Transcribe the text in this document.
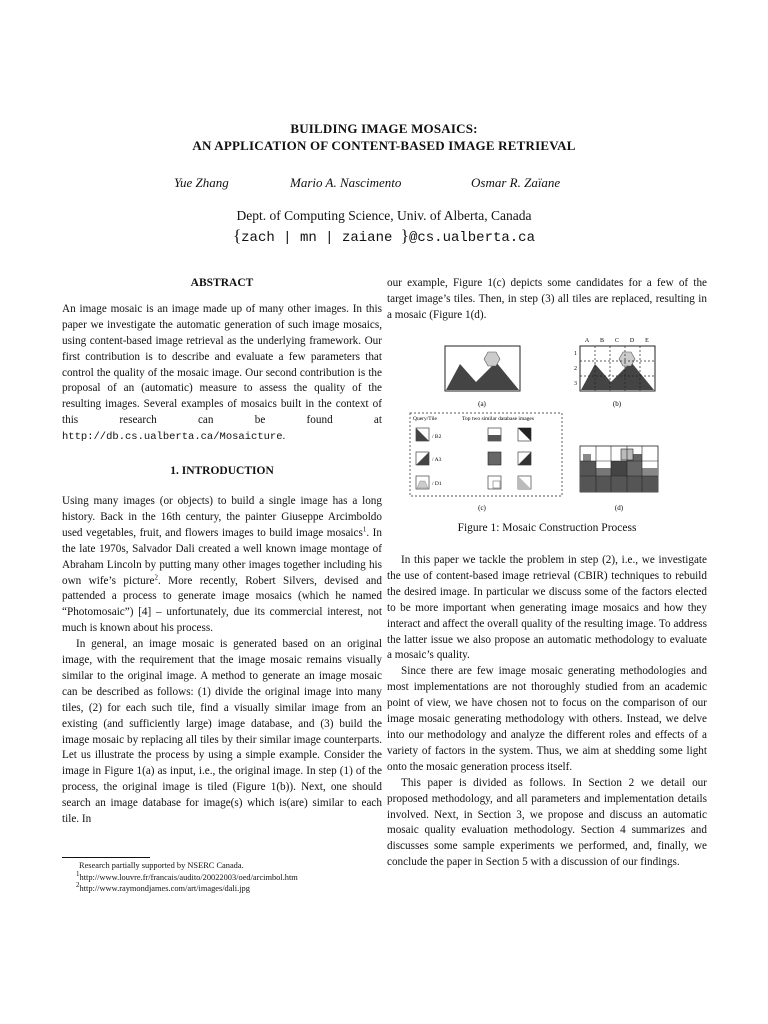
BUILDING IMAGE MOSAICS:
AN APPLICATION OF CONTENT-BASED IMAGE RETRIEVAL
Yue Zhang	Mario A. Nascimento	Osmar R. Zaïane
Dept. of Computing Science, Univ. of Alberta, Canada
{zach | mn | zaiane }@cs.ualberta.ca
ABSTRACT

An image mosaic is an image made up of many other images. In this paper we investigate the automatic generation of such image mosaics, using content-based image retrieval as the underlying framework. Our first contribution is to describe and evaluate a few parameters that control the quality of the mosaic image. Our second contribution is the proposal of an (automatic) measure to assess the quality of the resulting images. Several examples of mosaics built in the context of this research can be found at http://db.cs.ualberta.ca/Mosaicture.

1. INTRODUCTION

Using many images (or objects) to build a single image has a long history. Back in the 16th century, the painter Giuseppe Arcimboldo used vegetables, fruit, and flowers images to build image mosaics$^1$. In the late 1970s, Salvador Dali created a well known image montage of Abraham Lincoln by putting many other images together including his own wife’s picture$^2$. More recently, Robert Silvers, devised and pattended a process to generate image mosaics (which he named “Photomosaic”) [4] – unfortunately, due its commercial interest, not much is known about his process.

In general, an image mosaic is generated based on an original image, with the requirement that the image mosaic remains visually similar to the original image. A method to generate an image mosaic can be described as follows: (1) divide the original image into many tiles, (2) for each such tile, find a visually similar image from an existing (and sufficiently large) image database, and (3) build the image mosaic by replacing all tiles by their similar image counterparts. Let us illustrate the process by using a simple example. Consider the image in Figure 1(a) as input, i.e., the original image. In step (1) of the process, the original image is tiled (Figure 1(b)). Next, one should search an image database for image(s) which is(are) similar to each tile. In

Research partially supported by NSERC Canada.
$^1$http://www.louvre.fr/francais/audito/20022003/oed/arcimbol.htm
$^2$http://www.raymondjames.com/art/images/dali.jpg

our example, Figure 1(c) depicts some candidates for a few of the target image’s tiles. Then, in step (3) all tiles are replaced, resulting in a mosaic (Figure 1(d).

(a)
A B C D E
1
2
3
(b)
Query/Tile	Top two similar database images
/ B2
/ A3
/ D1
(c)	(d)
Figure 1: Mosaic Construction Process

In this paper we tackle the problem in step (2), i.e., we investigate the use of content-based image retrieval (CBIR) techniques to rebuild the desired image. In particular we discuss some of the factors elected to be more important when generating image mosaics and how they interact and affect the overall quality of the resulting image. To address the latter issue we also propose an automatic methodology to evaluate a mosaic’s quality.

Since there are few image mosaic generating methodologies and most implementations are not thoroughly studied from an academic point of view, we have chosen not to focus on the comparison of our image mosaic generating methodology with others. Instead, we delve into our methodology and analyze the different roles and effects of a variety of factors in the system. Thus, we aim at shedding some light onto the mosaic generation process itself.

This paper is divided as follows. In Section 2 we detail our proposed methodology, and all parameters and implementation details involved. Next, in Section 3, we propose and discuss an automatic mosaic quality evaluation methodology. Section 4 summarizes and discusses some sample experiments we performed, and, finally, we conclude the paper in Section 5 with a discussion of our findings.
